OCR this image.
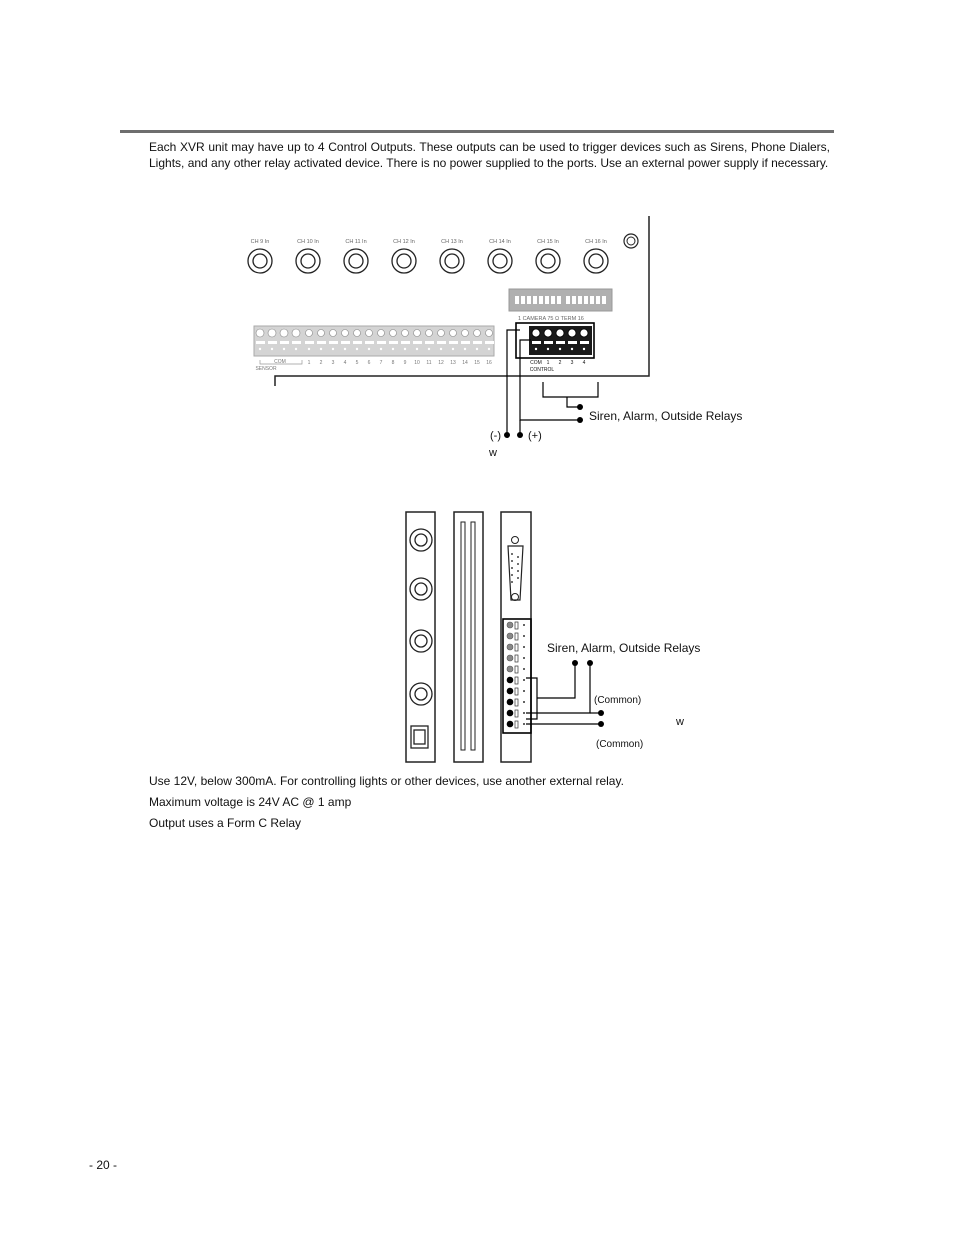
Each XVR unit may have up to 4 Control Outputs. These outputs can be used to trigger devices such as Sirens, Phone Dialers, Lights, and any other relay activated device. There is no power supplied to the ports. Use an external power supply if necessary.

CH 9 In	CH 10 In	CH 11 In	CH 12 In	CH 13 In	CH 14 In	CH 15 In	CH 16 In
1 CAMERA 75 Ω TERM 16
COM
SENSOR
1 2 3 4 5 6 7 8 9 10 11 12 13 14 15 16	COM 1 2 3 4
CONTROL
Siren, Alarm, Outside Relays
(-) (+)
w
Siren, Alarm, Outside Relays
(Common)
w
(Common)

Use 12V, below 300mA. For controlling lights or other devices, use another external relay.

Maximum voltage is 24V AC @ 1 amp

Output uses a Form C Relay

- 20 -
